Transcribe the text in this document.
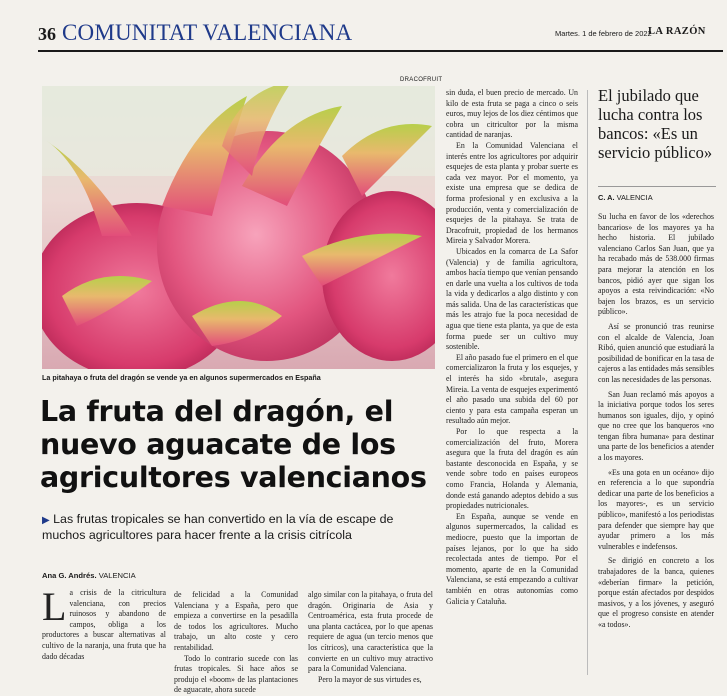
36 COMUNITAT VALENCIANA	Martes. 1 de febrero de 2022
LA RAZÓN
DRACOFRUIT
La pitahaya o fruta del dragón se vende ya en algunos supermercados en España
La fruta del dragón, el nuevo aguacate de los agricultores valencianos
▶ Las frutas tropicales se han convertido en la vía de escape de muchos agricultores para hacer frente a la crisis citrícola
Ana G. Andrés. VALENCIA

La crisis de la citricultura valenciana, con precios ruinosos y abandono de campos, obliga a los productores a buscar alternativas al cultivo de la naranja, una fruta que ha dado décadas

de felicidad a la Comunidad Valenciana y a España, pero que empieza a convertirse en la pesadilla de todos los agricultores. Mucho trabajo, un alto coste y cero rentabilidad.

Todo lo contrario sucede con las frutas tropicales. Si hace años se produjo el «boom» de las plantaciones de aguacate, ahora sucede

algo similar con la pitahaya, o fruta del dragón. Originaria de Asia y Centroamérica, esta fruta procede de una planta cactácea, por lo que apenas requiere de agua (un tercio menos que los cítricos), una característica que la convierte en un cultivo muy atractivo para la Comunidad Valenciana.

Pero la mayor de sus virtudes es,

sin duda, el buen precio de mercado. Un kilo de esta fruta se paga a cinco o seis euros, muy lejos de los diez céntimos que cobra un citricultor por la misma cantidad de naranjas.

En la Comunidad Valenciana el interés entre los agricultores por adquirir esquejes de esta planta y probar suerte es cada vez mayor. Por el momento, ya existe una empresa que se dedica de forma profesional y en exclusiva a la producción, venta y comercialización de esquejes de la pitahaya. Se trata de Dracofruit, propiedad de los hermanos Mireia y Salvador Morera.

Ubicados en la comarca de La Safor (Valencia) y de familia agricultora, ambos hacía tiempo que venían pensando en darle una vuelta a los cultivos de toda la vida y dedicarlos a algo distinto y con más salida. Una de las características que más les atrajo fue la poca necesidad de agua que tiene esta planta, ya que de esta forma puede ser un cultivo muy sostenible.

El año pasado fue el primero en el que comercializaron la fruta y los esquejes, y el interés ha sido «brutal», asegura Mireia. La venta de esquejes experimentó el año pasado una subida del 60 por ciento y para esta campaña esperan un resultado aún mejor.

Por lo que respecta a la comercialización del fruto, Morera asegura que la fruta del dragón es aún bastante desconocida en España, y se vende sobre todo en países europeos como Francia, Holanda y Alemania, donde está ganando adeptos debido a sus propiedades nutricionales.

En España, aunque se vende en algunos supermercados, la calidad es mediocre, puesto que la importan de países lejanos, por lo que ha sido recolectada antes de tiempo. Por el momento, aparte de en la Comunidad Valenciana, se está empezando a cultivar también en otras autonomías como Galicia y Cataluña.

El jubilado que lucha contra los bancos: «Es un servicio público»
C. A. VALENCIA

Su lucha en favor de los «derechos bancarios» de los mayores ya ha hecho historia. El jubilado valenciano Carlos San Juan, que ya ha recabado más de 538.000 firmas para mejorar la atención en los bancos, pidió ayer que sigan los apoyos a esta reivindicación: «No bajen los brazos, es un servicio público».

Así se pronunció tras reunirse con el alcalde de Valencia, Joan Ribó, quien anunció que estudiará la posibilidad de bonificar en la tasa de cajeros a las entidades más sensibles con las necesidades de las personas.

San Juan reclamó más apoyos a la iniciativa porque todos los seres humanos son iguales, dijo, y opinó que no cree que los banqueros «no tengan fibra humana» para destinar una parte de los beneficios a atender a los mayores.

«Es una gota en un océano» dijo en referencia a lo que supondría dedicar una parte de los beneficios a los mayores-, es un servicio público», manifestó a los periodistas para defender que siempre hay que ayudar primero a los más vulnerables e indefensos.

Se dirigió en concreto a los trabajadores de la banca, quienes «deberían firmar» la petición, porque están afectados por despidos masivos, y a los jóvenes, y aseguró que el progreso consiste en atender «a todos».
